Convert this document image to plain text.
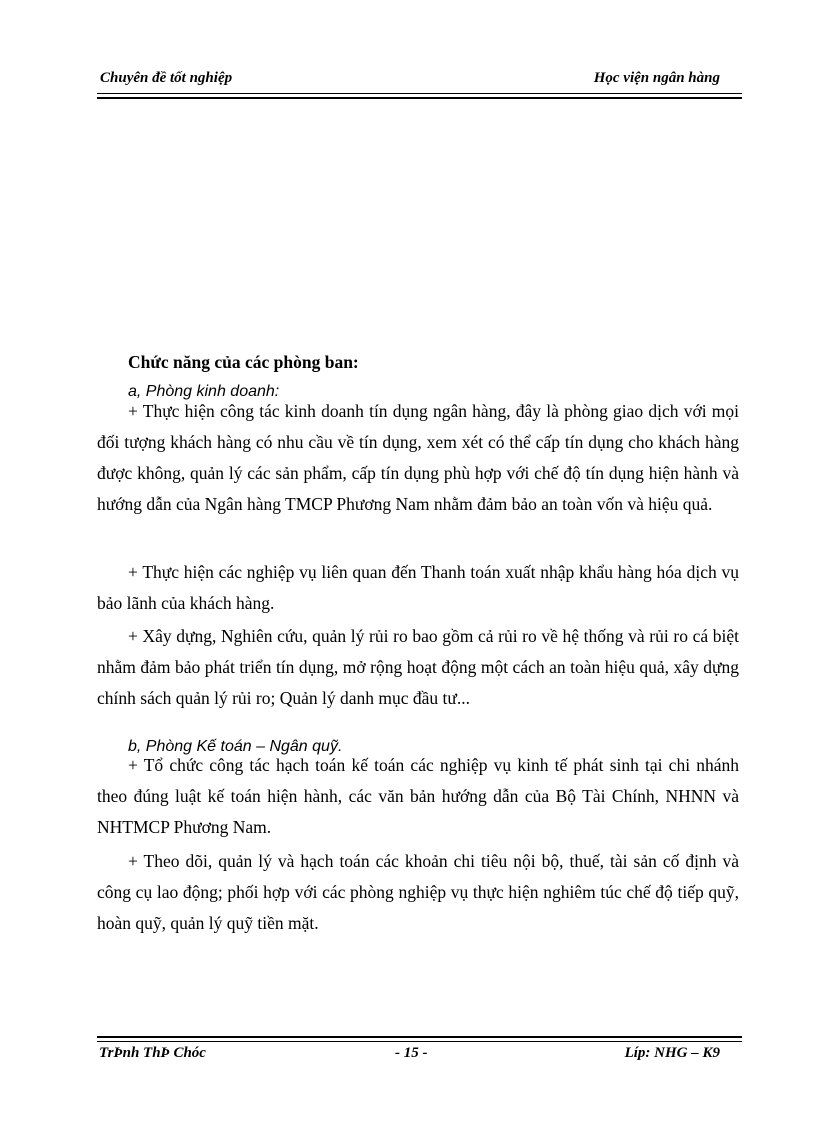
Chuyên đề tốt nghiệp	Học viện ngân hàng
Chức năng của các phòng ban:
a, Phòng kinh doanh:

+ Thực hiện công tác kinh doanh tín dụng ngân hàng, đây là phòng giao dịch với mọi đối tượng khách hàng có nhu cầu về tín dụng, xem xét có thể cấp tín dụng cho khách hàng được không, quản lý các sản phẩm, cấp tín dụng phù hợp với chế độ tín dụng hiện hành và hướng dẫn của Ngân hàng TMCP Phương Nam nhằm đảm bảo an toàn vốn và hiệu quả.

+ Thực hiện các nghiệp vụ liên quan đến Thanh toán xuất nhập khẩu hàng hóa dịch vụ bảo lãnh của khách hàng.

+ Xây dựng, Nghiên cứu, quản lý rủi ro bao gồm cả rủi ro về hệ thống và rủi ro cá biệt nhằm đảm bảo phát triển tín dụng, mở rộng hoạt động một cách an toàn hiệu quả, xây dựng chính sách quản lý rủi ro; Quản lý danh mục đầu tư...

b, Phòng Kế toán – Ngân quỹ.

+ Tổ chức công tác hạch toán kế toán các nghiệp vụ kinh tế phát sinh tại chi nhánh theo đúng luật kế toán hiện hành, các văn bản hướng dẫn của Bộ Tài Chính, NHNN và NHTMCP Phương Nam.

+ Theo dõi, quản lý và hạch toán các khoản chi tiêu nội bộ, thuế, tài sản cố định và công cụ lao động; phối hợp với các phòng nghiệp vụ thực hiện nghiêm túc chế độ tiếp quỹ, hoàn quỹ, quản lý quỹ tiền mặt.

TrÞnh ThÞ Chóc	- 15 -	Líp: NHG – K9
